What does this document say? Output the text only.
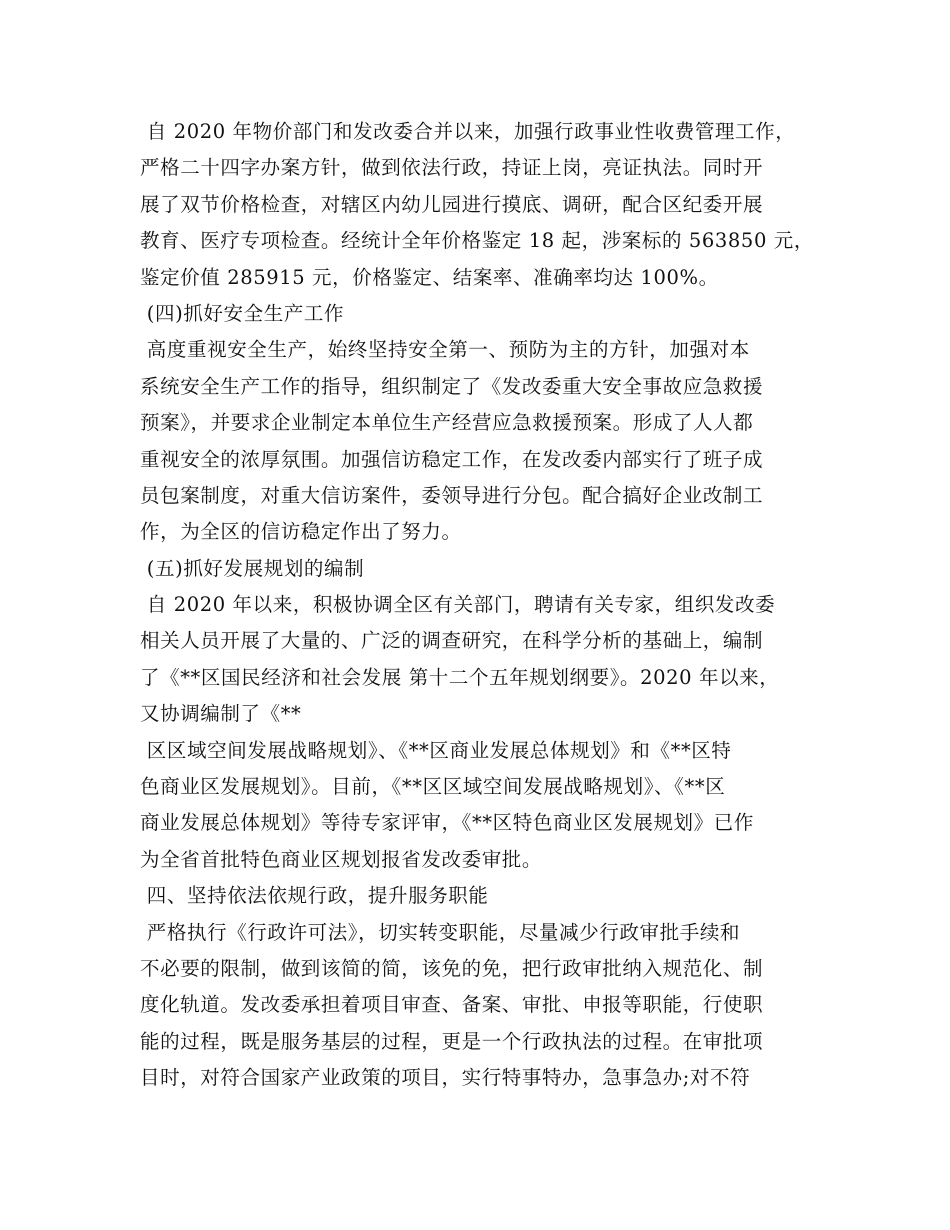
自 2020 年物价部门和发改委合并以来，加强行政事业性收费管理工作，
严格二十四字办案方针，做到依法行政，持证上岗，亮证执法。同时开
展了双节价格检查，对辖区内幼儿园进行摸底、调研，配合区纪委开展
教育、医疗专项检查。经统计全年价格鉴定 18 起，涉案标的 563850 元，
鉴定价值 285915 元，价格鉴定、结案率、准确率均达 100%。
(四)抓好安全生产工作
高度重视安全生产，始终坚持安全第一、预防为主的方针，加强对本
系统安全生产工作的指导，组织制定了《发改委重大安全事故应急救援
预案》，并要求企业制定本单位生产经营应急救援预案。形成了人人都
重视安全的浓厚氛围。加强信访稳定工作，在发改委内部实行了班子成
员包案制度，对重大信访案件，委领导进行分包。配合搞好企业改制工
作，为全区的信访稳定作出了努力。
(五)抓好发展规划的编制
自 2020 年以来，积极协调全区有关部门，聘请有关专家，组织发改委
相关人员开展了大量的、广泛的调查研究，在科学分析的基础上，编制
了《**区国民经济和社会发展 第十二个五年规划纲要》。2020 年以来，
又协调编制了《**
区区域空间发展战略规划》、《**区商业发展总体规划》和《**区特
色商业区发展规划》。目前，《**区区域空间发展战略规划》、《**区
商业发展总体规划》等待专家评审，《**区特色商业区发展规划》已作
为全省首批特色商业区规划报省发改委审批。
四、坚持依法依规行政，提升服务职能
严格执行《行政许可法》，切实转变职能，尽量减少行政审批手续和
不必要的限制，做到该简的简，该免的免，把行政审批纳入规范化、制
度化轨道。发改委承担着项目审查、备案、审批、申报等职能，行使职
能的过程，既是服务基层的过程，更是一个行政执法的过程。在审批项
目时，对符合国家产业政策的项目，实行特事特办，急事急办;对不符
